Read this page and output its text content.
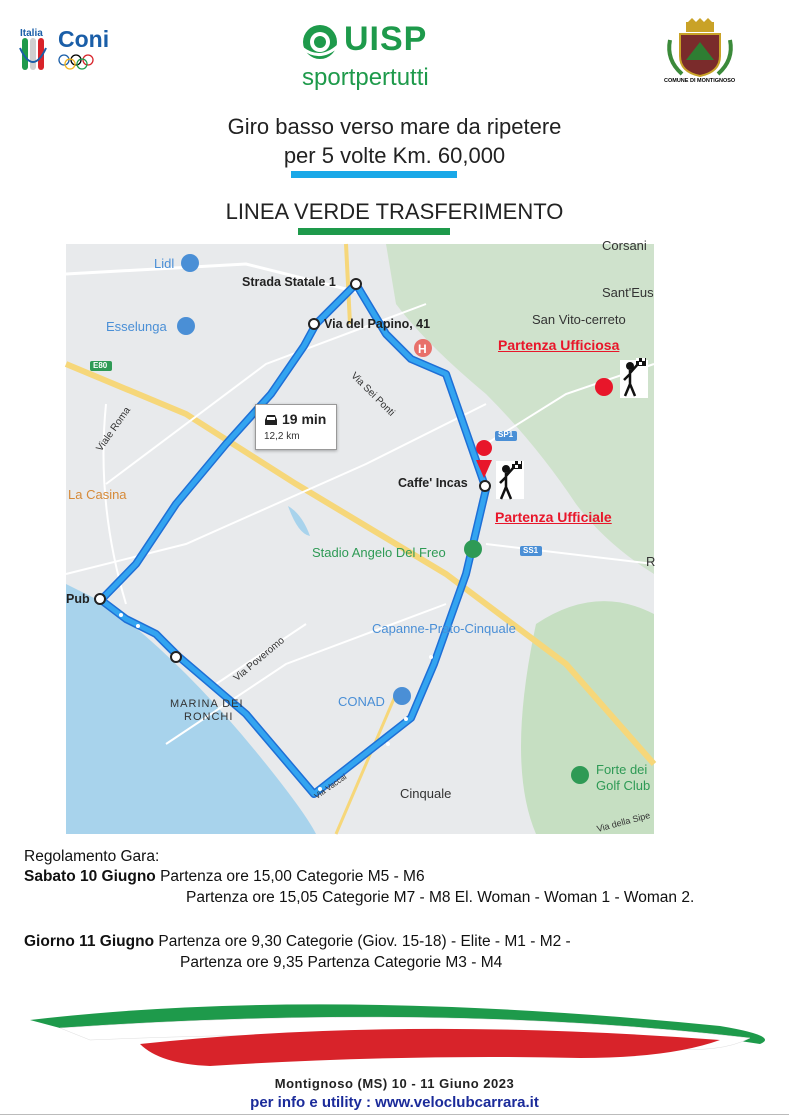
Italia Coni	UISP
sportpertutti	COMUNE DI MONTIGNOSO
Giro basso verso mare da ripetere
per 5 volte Km. 60,000
LINEA VERDE TRASFERIMENTO
H
Lidl
Esselunga
E80
Viale Roma
La Casina
Strada Statale 1
Via del Papino, 41
Via Sei Ponti
Corsani
Sant'Eus
San Vito-cerreto
Partenza Ufficiosa
SP1
Caffe' Incas
Partenza Ufficiale
Stadio Angelo Del Freo	SS1
Capanne-Prato-Cinquale
Pub
Via Poveromo
MARINA DEI
RONCHI
CONAD
Forte dei
Golf Club
Cinquale
Via Vaccai
Via della Sipe
R
19 min
12,2 km
Regolamento Gara:
Sabato 10 Giugno Partenza ore 15,00 Categorie M5 - M6
Partenza ore 15,05 Categorie M7 - M8 El. Woman - Woman 1 - Woman 2.
Giorno 11 Giugno Partenza ore 9,30 Categorie (Giov. 15-18) - Elite - M1 - M2 -
Partenza ore 9,35 Partenza Categorie M3 - M4
Montignoso (MS) 10 - 11 Giuno 2023
per info e utility : www.veloclubcarrara.it
